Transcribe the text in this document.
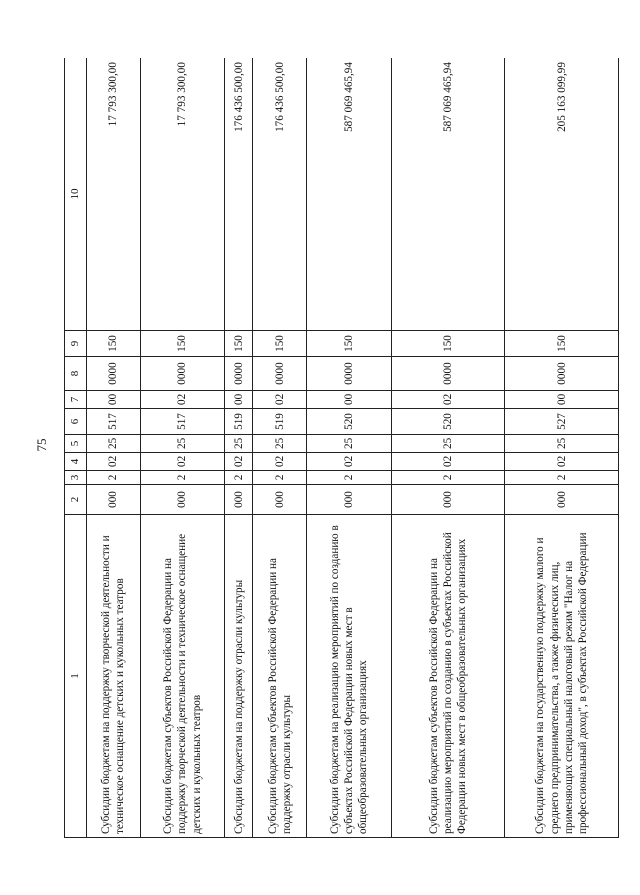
75
1	2	3	4	5	6	7	8	9	10
Субсидии бюджетам на поддержку творческой деятельности и техническое оснащение детских и кукольных театров	000	2	02	25	517	00	0000	150	17 793 300,00
Субсидии бюджетам субъектов Российской Федерации на поддержку творческой деятельности и техническое оснащение детских и кукольных театров	000	2	02	25	517	02	0000	150	17 793 300,00
Субсидии бюджетам на поддержку отрасли культуры	000	2	02	25	519	00	0000	150	176 436 500,00
Субсидии бюджетам субъектов Российской Федерации на поддержку отрасли культуры	000	2	02	25	519	02	0000	150	176 436 500,00
Субсидии бюджетам на реализацию мероприятий по созданию в субъектах Российской Федерации новых мест в общеобразовательных организациях	000	2	02	25	520	00	0000	150	587 069 465,94
Субсидии бюджетам субъектов Российской Федерации на реализацию мероприятий по созданию в субъектах Российской Федерации новых мест в общеобразовательных организациях	000	2	02	25	520	02	0000	150	587 069 465,94
Субсидии бюджетам на государственную поддержку малого и среднего предпринимательства, а также физических лиц, применяющих специальный налоговый режим "Налог на профессиональный доход", в субъектах Российской Федерации	000	2	02	25	527	00	0000	150	205 163 099,99
